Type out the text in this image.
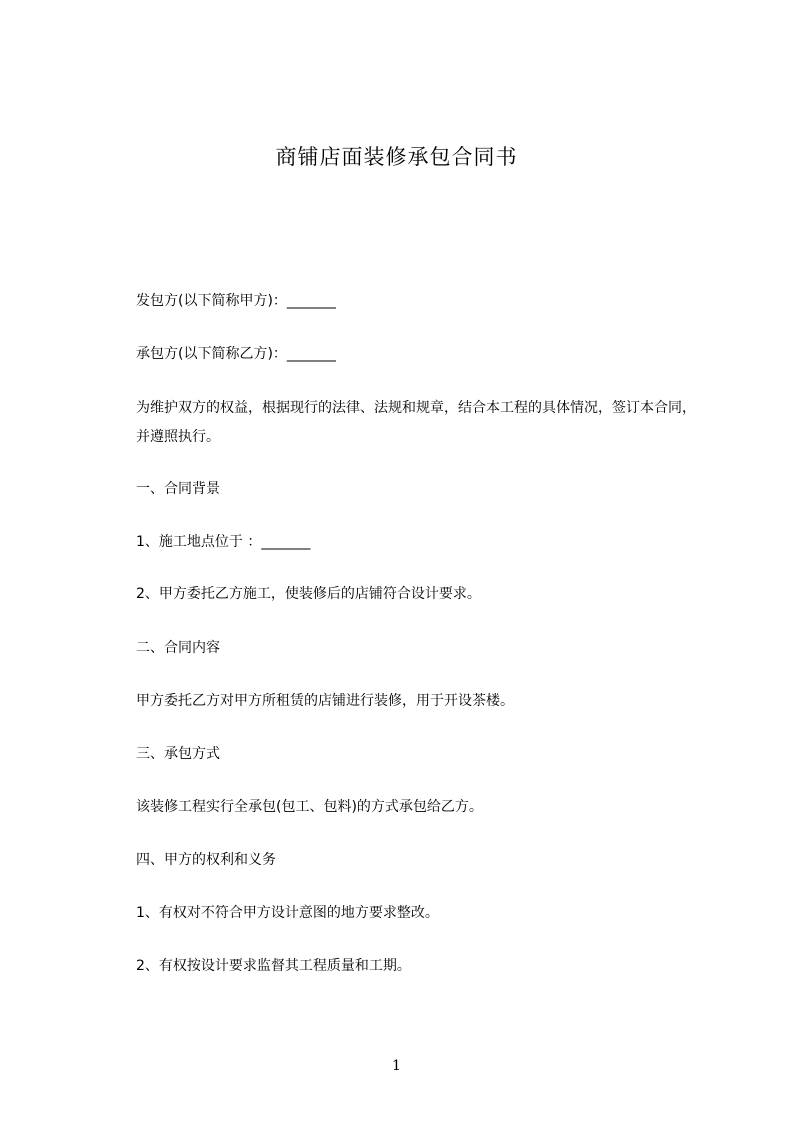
商铺店面装修承包合同书

发包方(以下简称甲方)：_______

承包方(以下简称乙方)：_______

为维护双方的权益，根据现行的法律、法规和规章，结合本工程的具体情况，签订本合同，并遵照执行。

一、合同背景

1、施工地点位于 ：_______

2、甲方委托乙方施工，使装修后的店铺符合设计要求。

二、合同内容

甲方委托乙方对甲方所租赁的店铺进行装修，用于开设茶楼。

三、承包方式

该装修工程实行全承包(包工、包料)的方式承包给乙方。

四、甲方的权利和义务

1、有权对不符合甲方设计意图的地方要求整改。

2、有权按设计要求监督其工程质量和工期。

1
